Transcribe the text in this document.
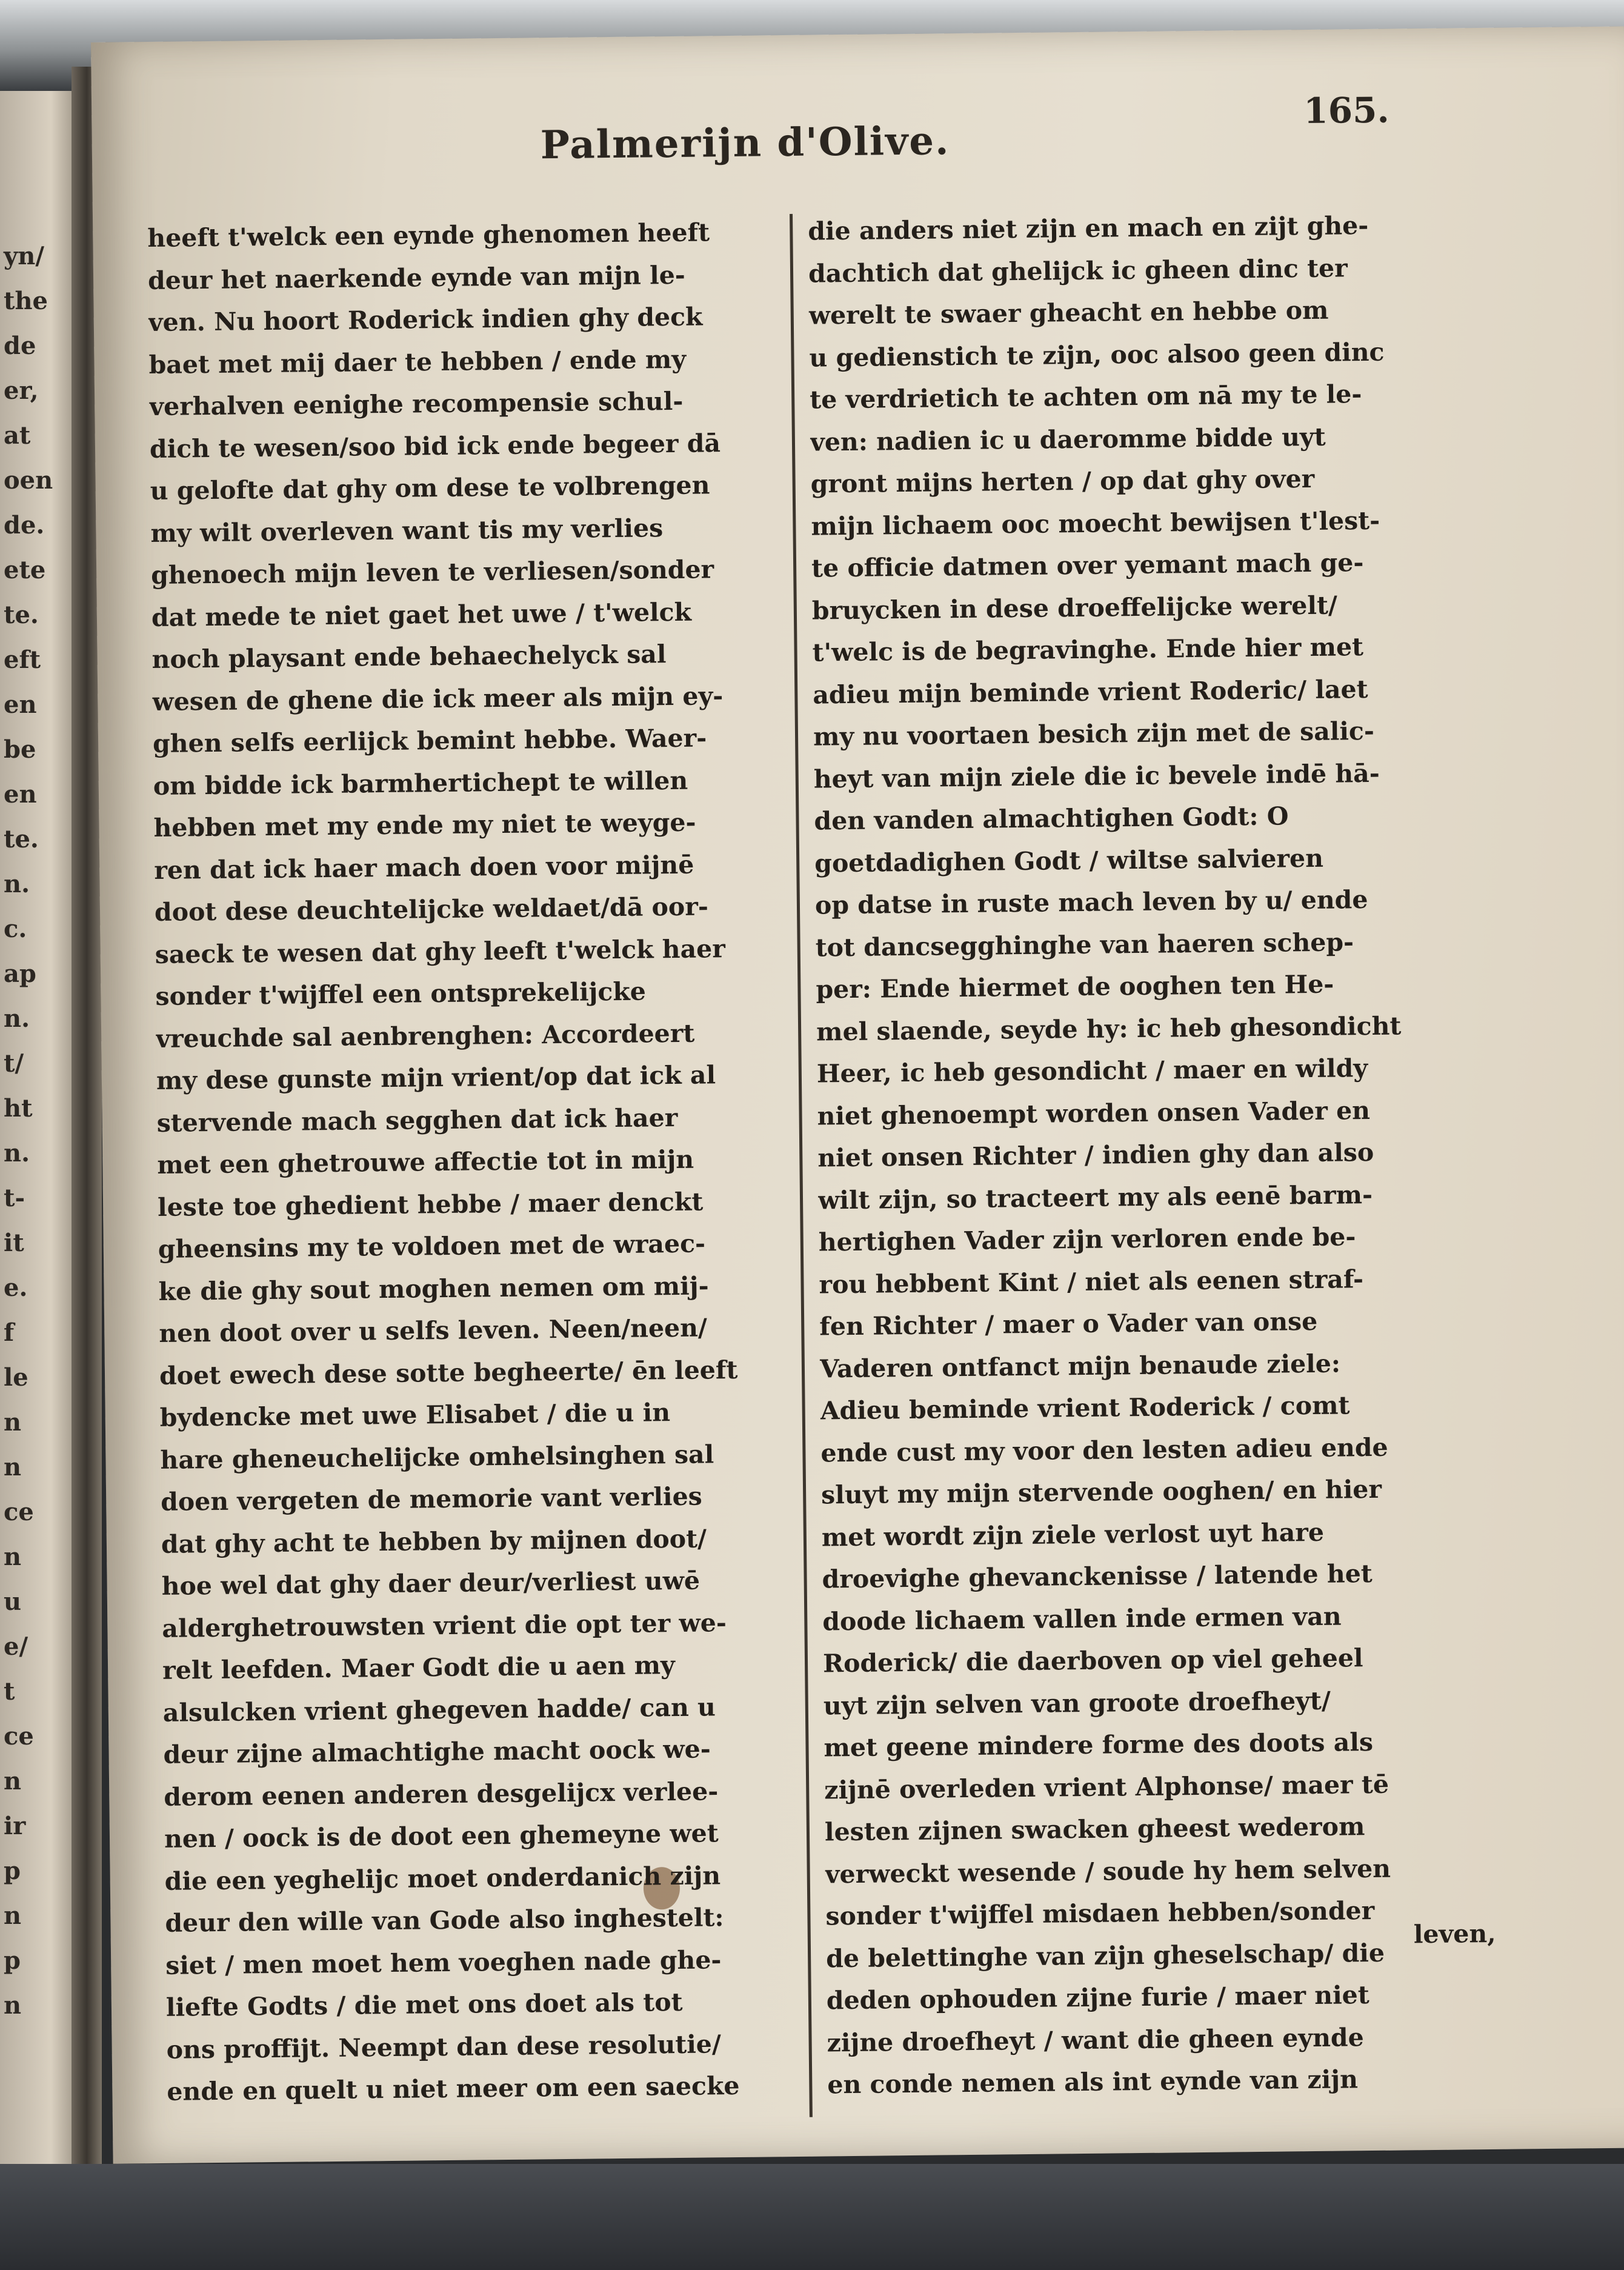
yn/
the
de
er,
at
oen
de.
ete
te.
eft
en
be
en
te.
n.
c.
ap
n.
t/
ht
n.
t-
it
e.
f
le
n
n
ce
n
u
e/
t
ce
n
ir
p
n
p
n
Palmerijn d'Olive.
165.
heeft t'welck een eynde ghenomen heeft
deur het naerkende eynde van mijn le-
ven. Nu hoort Roderick indien ghy deck
baet met mij daer te hebben / ende my
verhalven eenighe recompensie schul-
dich te wesen/soo bid ick ende begeer dā
u gelofte dat ghy om dese te volbrengen
my wilt overleven want tis my verlies
ghenoech mijn leven te verliesen/sonder
dat mede te niet gaet het uwe / t'welck
noch playsant ende behaechelyck sal
wesen de ghene die ick meer als mijn ey-
ghen selfs eerlijck bemint hebbe. Waer-
om bidde ick barmhertichept te willen
hebben met my ende my niet te weyge-
ren dat ick haer mach doen voor mijnē
doot dese deuchtelijcke weldaet/dā oor-
saeck te wesen dat ghy leeft t'welck haer
sonder t'wijffel een ontsprekelijcke
vreuchde sal aenbrenghen: Accordeert
my dese gunste mijn vrient/op dat ick al
stervende mach segghen dat ick haer
met een ghetrouwe affectie tot in mijn
leste toe ghedient hebbe / maer denckt
gheensins my te voldoen met de wraec-
ke die ghy sout moghen nemen om mij-
nen doot over u selfs leven. Neen/neen/
doet ewech dese sotte begheerte/ ēn leeft
bydencke met uwe Elisabet / die u in
hare gheneuchelijcke omhelsinghen sal
doen vergeten de memorie vant verlies
dat ghy acht te hebben by mijnen doot/
hoe wel dat ghy daer deur/verliest uwē
alderghetrouwsten vrient die opt ter we-
relt leefden. Maer Godt die u aen my
alsulcken vrient ghegeven hadde/ can u
deur zijne almachtighe macht oock we-
derom eenen anderen desgelijcx verlee-
nen / oock is de doot een ghemeyne wet
die een yeghelijc moet onderdanich zijn
deur den wille van Gode also inghestelt:
siet / men moet hem voeghen nade ghe-
liefte Godts / die met ons doet als tot
ons proffijt. Neempt dan dese resolutie/
ende en quelt u niet meer om een saecke
die anders niet zijn en mach en zijt ghe-
dachtich dat ghelijck ic gheen dinc ter
werelt te swaer gheacht en hebbe om
u gedienstich te zijn, ooc alsoo geen dinc
te verdrietich te achten om nā my te le-
ven: nadien ic u daeromme bidde uyt
gront mijns herten / op dat ghy over
mijn lichaem ooc moecht bewijsen t'lest-
te officie datmen over yemant mach ge-
bruycken in dese droeffelijcke werelt/
t'welc is de begravinghe. Ende hier met
adieu mijn beminde vrient Roderic/ laet
my nu voortaen besich zijn met de salic-
heyt van mijn ziele die ic bevele indē hā-
den vanden almachtighen Godt: O
goetdadighen Godt / wiltse salvieren
op datse in ruste mach leven by u/ ende
tot dancsegghinghe van haeren schep-
per: Ende hiermet de ooghen ten He-
mel slaende, seyde hy: ic heb ghesondicht
Heer, ic heb gesondicht / maer en wildy
niet ghenoempt worden onsen Vader en
niet onsen Richter / indien ghy dan also
wilt zijn, so tracteert my als eenē barm-
hertighen Vader zijn verloren ende be-
rou hebbent Kint / niet als eenen straf-
fen Richter / maer o Vader van onse
Vaderen ontfanct mijn benaude ziele:
Adieu beminde vrient Roderick / comt
ende cust my voor den lesten adieu ende
sluyt my mijn stervende ooghen/ en hier
met wordt zijn ziele verlost uyt hare
droevighe ghevanckenisse / latende het
doode lichaem vallen inde ermen van
Roderick/ die daerboven op viel geheel
uyt zijn selven van groote droefheyt/
met geene mindere forme des doots als
zijnē overleden vrient Alphonse/ maer tē
lesten zijnen swacken gheest wederom
verweckt wesende / soude hy hem selven
sonder t'wijffel misdaen hebben/sonder
de belettinghe van zijn gheselschap/ die
deden ophouden zijne furie / maer niet
zijne droefheyt / want die gheen eynde
en conde nemen als int eynde van zijn
leven,
